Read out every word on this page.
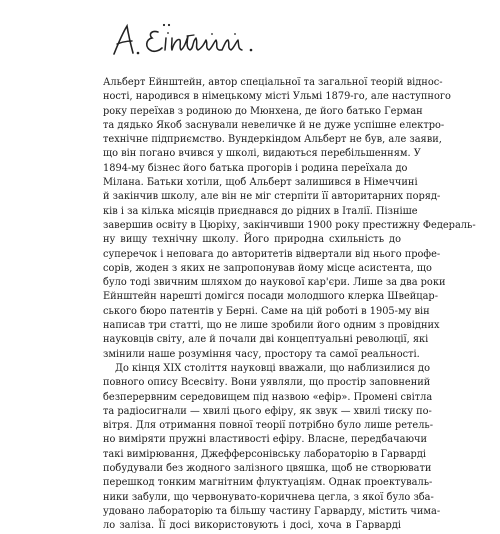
Альберт Ейнштейн, автор спеціальної та загальної теорій віднос-
ності, народився в німецькому місті Ульмі 1879-го, але наступного
року переїхав з родиною до Мюнхена, де його батько Герман
та дядько Якоб заснували невеличке й не дуже успішне електро-
технічне підприємство. Вундеркіндом Альберт не був, але заяви,
що він погано вчився у школі, видаються перебільшенням. У
1894-му бізнес його батька прогорів і родина переїхала до
Мілана. Батьки хотіли, щоб Альберт залишився в Німеччині
й закінчив школу, але він не міг стерпіти її авторитарних поряд-
ків і за кілька місяців приєднався до рідних в Італії. Пізніше
завершив освіту в Цюріху, закінчивши 1900 року престижну Федераль-
ну вищу технічну школу. Його природна схильність до
суперечок і неповага до авторитетів відвертали від нього профе-
сорів, жоден з яких не запропонував йому місце асистента, що
було тоді звичним шляхом до наукової кар'єри. Лише за два роки
Ейнштейн нарешті домігся посади молодшого клерка Швейцар-
ського бюро патентів у Берні. Саме на цій роботі в 1905-му він
написав три статті, що не лише зробили його одним з провідних
науковців світу, але й почали дві концептуальні революції, які
змінили наше розуміння часу, простору та самої реальності.
До кінця XIX століття науковці вважали, що наблизилися до
повного опису Всесвіту. Вони уявляли, що простір заповнений
безперервним середовищем під назвою «ефір». Промені світла
та радіосигнали — хвилі цього ефіру, як звук — хвилі тиску по-
вітря. Для отримання повної теорії потрібно було лише ретель-
но виміряти пружні властивості ефіру. Власне, передбачаючи
такі вимірювання, Джефферсонівську лабораторію в Гарварді
побудували без жодного залізного цвяшка, щоб не створювати
перешкод тонким магнітним флуктуаціям. Однак проектуваль-
ники забули, що червонувато-коричнева цегла, з якої було зба-
удовано лабораторію та більшу частину Гарварду, містить чима-
ло заліза. Її досі використовують і досі, хоча в Гарварді
